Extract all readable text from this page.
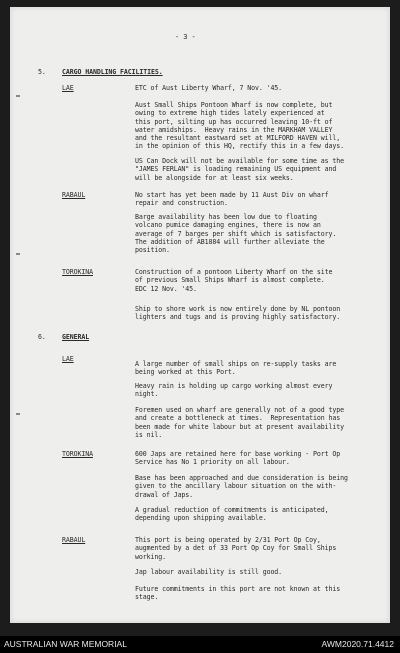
- 3 -
5. CARGO HANDLING FACILITIES.
LAE	ETC of Aust Liberty Wharf, 7 Nov. '45.
Aust Small Ships Pontoon Wharf is now complete, but
owing to extreme high tides lately experienced at
this port, silting up has occurred leaving 10-ft of
water amidships.  Heavy rains in the MARKHAM VALLEY
and the resultant eastward set at MILFORD HAVEN will,
in the opinion of this HQ, rectify this in a few days.
US Can Dock will not be available for some time as the
"JAMES FERLAN" is loading remaining US equipment and
will be alongside for at least six weeks.
RABAUL	No start has yet been made by 11 Aust Div on wharf
repair and construction.
Barge availability has been low due to floating
volcano pumice damaging engines, there is now an
average of 7 barges per shift which is satisfactory.
The addition of AB1884 will further alleviate the
position.
TOROKINA	Construction of a pontoon Liberty Wharf on the site
of previous Small Ships Wharf is almost complete.
EDC 12 Nov. '45.
Ship to shore work is now entirely done by NL pontoon
lighters and tugs and is proving highly satisfactory.
6. GENERAL
LAE
A large number of small ships on re-supply tasks are
being worked at this Port.
Heavy rain is holding up cargo working almost every
night.
Foremen used on wharf are generally not of a good type
and create a bottleneck at times.  Representation has
been made for white labour but at present availability
is nil.
TOROKINA	600 Japs are retained here for base working - Port Op
Service has No 1 priority on all labour.
Base has been approached and due consideration is being
given to the ancillary labour situation on the with-
drawal of Japs.
A gradual reduction of commitments is anticipated,
depending upon shipping available.
RABAUL	This port is being operated by 2/31 Port Op Coy,
augmented by a det of 33 Port Op Coy for Small Ships
working.
Jap labour availability is still good.
Future commitments in this port are not known at this
stage.
AUSTRALIAN WAR MEMORIAL	AWM2020.71.4412
